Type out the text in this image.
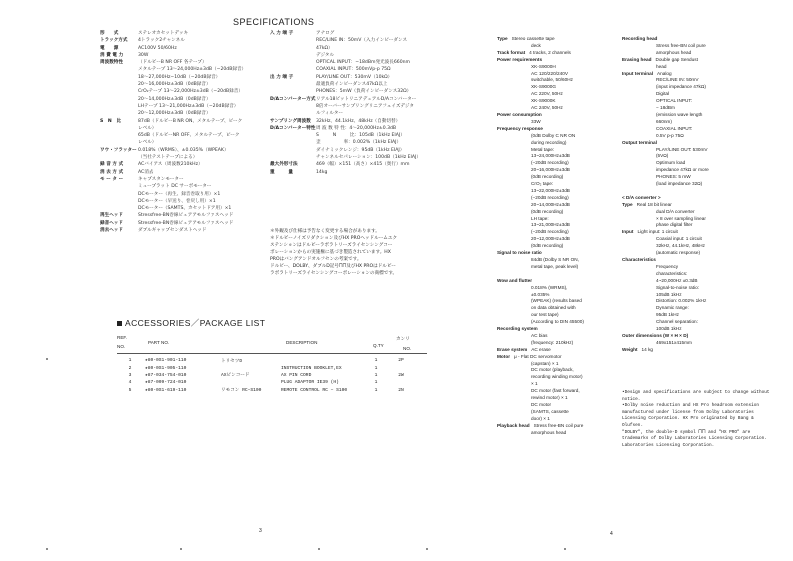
SPECIFICATIONS
形　　式	ステレオカセットデッキ
トラック方式	4トラック2チャンネル
電　　源	AC100V 50/60Hz
消 費 電 力	30W
周波数特性	（ドルビーB NR OFF 各テープ）
メタルテープ 13〜24,000Hz±3dB（−20dB録音）
18〜27,000Hz−10dB（−20dB録音）
20〜16,000Hz±3dB（0dB録音）
CrO₂テープ 13〜22,000Hz±3dB（−20dB録音）
20〜14,000Hz±3dB（0dB録音）
LHテープ 13〜21,000Hz±3dB（−20dB録音）
20〜12,000Hz±3dB（0dB録音）
S　N　比	87dB（ドルビーB NR ON、メタルテープ、ピーク
レベル）
65dB（ドルビーNR OFF、メタルテープ、ピーク
レベル）
ワウ・フラッター 0.018%（WRMS）、±0.035%（WPEAK）
（当社テストテープによる）
録 音 方 式	ACバイアス（周波数210kHz）
消 去 方 式	AC消去
モ ー タ ー	キャプスタンモーター
ミュープラット DC サーボモーター
DCモーター（再生、録音巻取り用）×1
DCモーター（早送り、巻戻し用）×1
DCモーター（SAMTS、カセットドア用）×1
再生ヘッド	Stressfree-BN巻線ピュアアモルファスヘッド
録音ヘッド	Stressfree-BN巻線ピュアアモルファスヘッド
消去ヘッド	ダブルギャップセンダストヘッド
入 力 端 子	アナログ
REC/LINE IN：50mV（入力インピーダンス
47kΩ）
デジタル
OPTICAL INPUT：−18dBm発光波長660nm
COAXIAL INPUT：500mVp-p 75Ω
出 力 端 子	PLAY/LINE OUT：530mV（10kΩ）
最適負荷インピーダンス47kΩ以上
PHONES：5mW（負荷インピーダンス32Ω）
D/Aコンバーター方式 リアル18ビットリニアデュアルD/Aコンバーター
8倍オーバーサンプリングリニアフェイズデジタ
ルフィルター
サンプリング周波数	32kHz、44.1kHz、48kHz（自動切替）
D/Aコンバーター特性 周 波 数 特 性：4〜20,000Hz±0.3dB
S　　　N　　　比：105dB（1kHz EIAJ）
歪　　　　　率：0.002%（1kHz EIAJ）
ダイナミックレンジ：95dB（1kHz EIAJ）
チャンネルセパレーション：100dB（1kHz EIAJ）
最大外形寸法	469（幅）×151（高さ）×415（奥行）mm
重　　　量	14kg
＊外観及び仕様は予告なく変更する場合があります。
＊ドルビーノイズリダクション及びHX PROヘッドルームエク
ステンションはドルビーラボラトリーズライセンシングコー
ポレーションからの実施権に基づき製造されています。HX
PROはバングアンドオルフセンの考案です。
ドルビー、DOLBY、ダブルD記号⨅⨅及びHX PROはドルビー
ラボラトリーズライセンシングコーポレーションの商標です。
ACCESSORIES／PACKAGE LIST
REF.
NO.
PART NO.	DESCRIPTION
Q.TY
カンリ
NO.
1	★80-0S1-901-110	トリセツD		1	2P
2	★80-0S1-905-110		INSTRUCTION BOOKLET,EX	1	
3	★87-034-754-010	AXピンコード	AX PIN CORD	1	2W
4	★87-009-724-010		PLUG ADAPTOR IE39 (H)	1	
5	★80-0S1-619-110	リモコン RC−S100	REMOTE CONTROL RC − S100	1	2N
3
Type Stereo cassette tape
deck
Track format 4 tracks, 2 channels
Power requirements
XK-S9000H
AC 120/220/240V
switchable, 50/60Hz
XK-S9000G
AC 220V, 50Hz
XK-S9000K
AC 240V, 50Hz
Power consumption
33W
Frequency response
(0dB Dolby C NR ON
during recording)
Metal tape:
13~24,000Hz±3dB
(−20dB recording)
20~16,000Hz±3dB
(0dB recording)
CrO₂ tape:
13~22,000Hz±3dB
(−20dB recording)
20~14,000Hz±3dB
(0dB recording)
LH tape:
13~21,000Hz±3dB
(−20dB recording)
20~12,000Hz±3dB
(0dB recording)
Signal to noise ratio
84dB (Dolby S NR ON,
metal tape, peak level)
Wow and flutter
0.018% (WRMS),
±0.035%
(WPEAK) (results based
on data obtained with
our test tape)
(According to DIN 45500)
Recording system
AC bias
(frequency: 210kHz)
Erase system AC erase
Motor μ - Flat DC servomotor
(capstan) × 1
DC motor (playback,
recording winding motor)
× 1
DC motor (fast forward,
rewind motor) × 1
DC motor
(SAMTS, cassette
door) × 1
Playback head Stress free-BN coil pure
amorphous head
Recording head
Stress free-BN coil pure
amorphous head
Erasing head Double gap Sendust
head
Input terminal Analog
REC/LINE IN: 50mV
(input impedance 47kΩ)
Digital
OPTICAL INPUT:
− 18dBm
(emission wave length
660nm)
COAXIAL INPUT:
0.5V p-p 75Ω
Output terminal
PLAY/LINE OUT: 530mV
(5VΩ)
Optimum load
impedance 47kΩ or more
PHONES: 5 mW
(load impedance 32Ω)
< D/A converter >
Type Real 18 bit linear
dual D/A converter
× 8 over sampling linear
phase digital filter
Input Light input: 1 circuit
Coaxial input: 1 circuit
32kHz, 44.1kHz, 48kHz
(automatic response)
Characteristics
Frequency
characteristics:
4~20,000Hz ±0.3dB
Signal-to-noise ratio:
105dB 1kHz
Distortion: 0.002% 1kHz
Dynamic range:
95dB 1kHz
Channel separation:
100dB 1kHz
Outer dimensions (W × H × D)
469x151x415mm
Weight 14 kg
•Design and specifications are subject to change without
notice.
•Dolby noise reduction and HX Pro headroom extension
manufactured under license from Dolby Laboratories
Licensing Corporation. HX Pro originated by Bang &
Olufsen.
"DOLBY", the double-D symbol ⨅⨅ and "HX PRO" are
trademarks of Dolby Laboratories Licensing Corporation.
Laboratories Licensing Corporation.
4
